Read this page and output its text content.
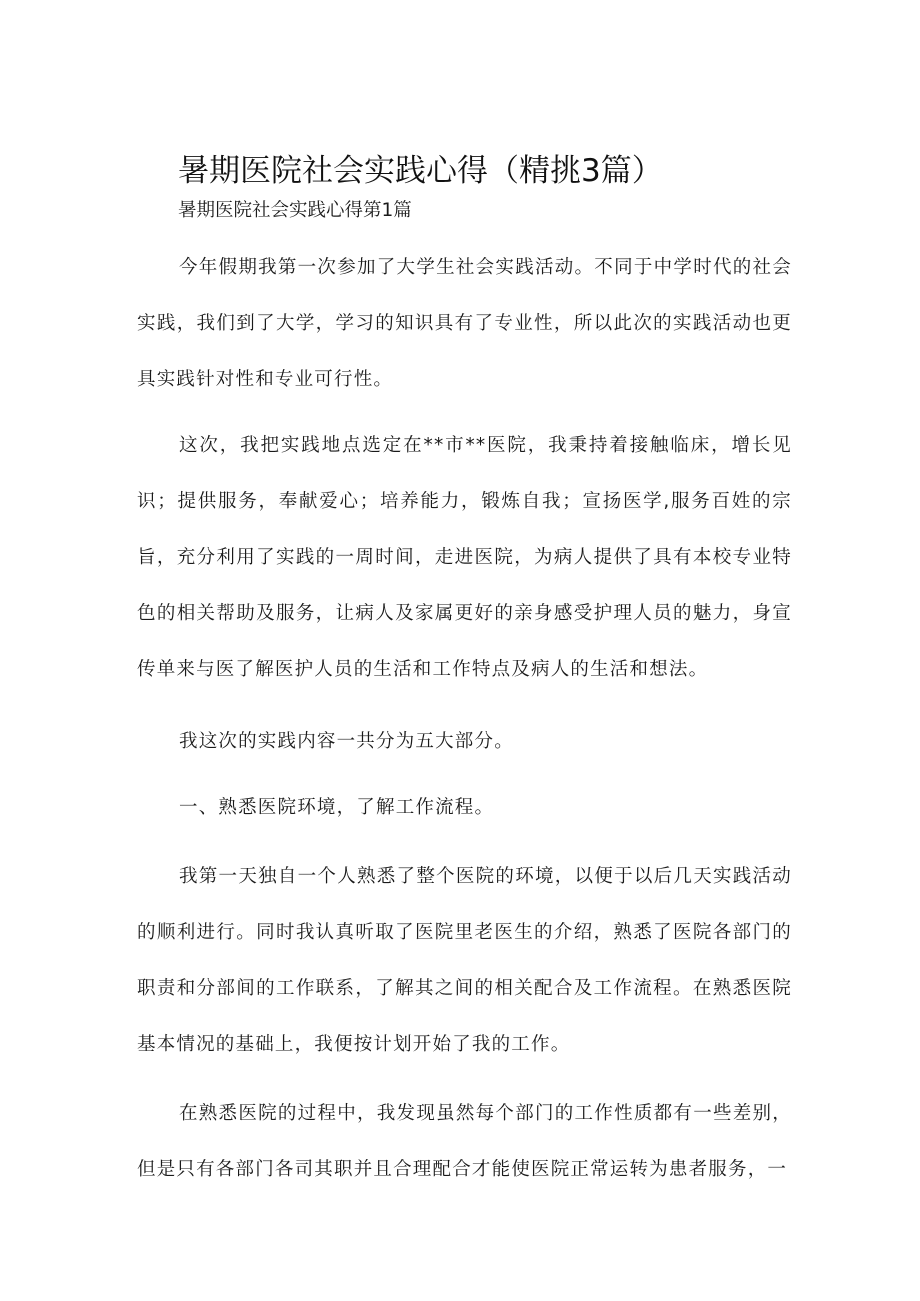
暑期医院社会实践心得（精挑3篇）
暑期医院社会实践心得第1篇

今年假期我第一次参加了大学生社会实践活动。不同于中学时代的社会实践，我们到了大学，学习的知识具有了专业性，所以此次的实践活动也更具实践针对性和专业可行性。

这次，我把实践地点选定在**市**医院，我秉持着接触临床，增长见识；提供服务，奉献爱心；培养能力，锻炼自我；宣扬医学,服务百姓的宗旨，充分利用了实践的一周时间，走进医院，为病人提供了具有本校专业特色的相关帮助及服务，让病人及家属更好的亲身感受护理人员的魅力，身宣传单来与医了解医护人员的生活和工作特点及病人的生活和想法。

我这次的实践内容一共分为五大部分。

一、熟悉医院环境，了解工作流程。

我第一天独自一个人熟悉了整个医院的环境，以便于以后几天实践活动的顺利进行。同时我认真听取了医院里老医生的介绍，熟悉了医院各部门的职责和分部间的工作联系，了解其之间的相关配合及工作流程。在熟悉医院基本情况的基础上，我便按计划开始了我的工作。

在熟悉医院的过程中，我发现虽然每个部门的工作性质都有一些差别，但是只有各部门各司其职并且合理配合才能使医院正常运转为患者服务，一
